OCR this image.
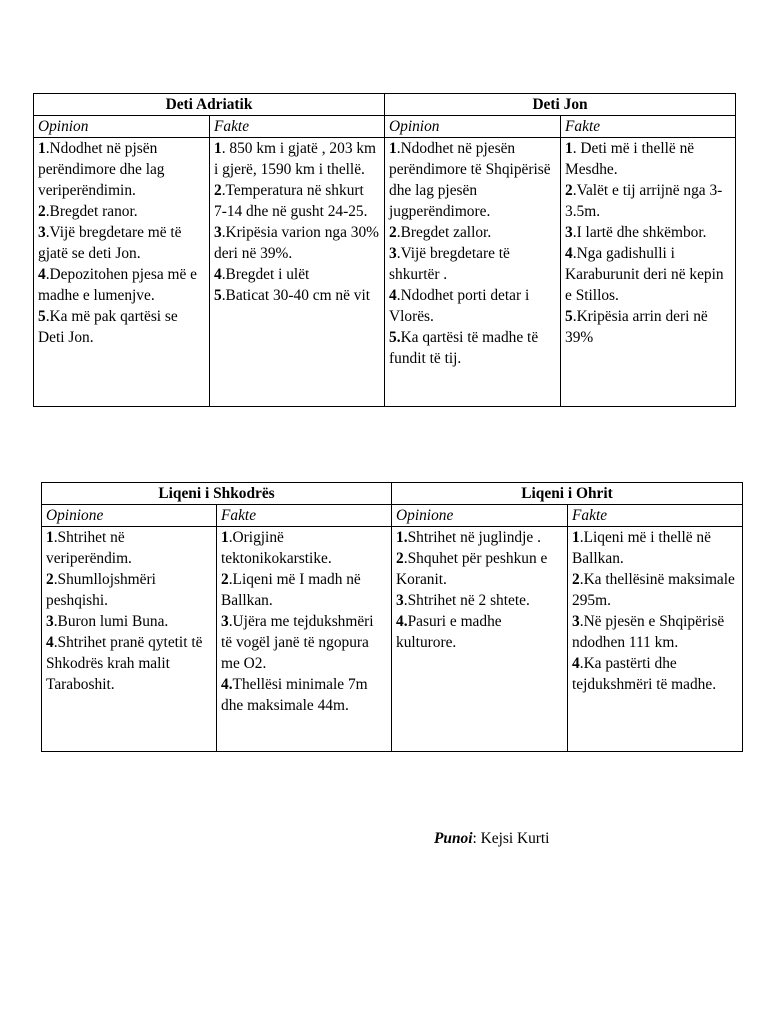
Deti Adriatik		Deti Jon	
Opinion	Fakte	Opinion	Fakte

1.Ndodhet në pjsën perëndimore dhe lag veriperëndimin.
2.Bregdet ranor.
3.Vijë bregdetare më të gjatë se deti Jon.
4.Depozitohen pjesa më e madhe e lumenjve.
5.Ka më pak qartësi se Deti Jon.	1. 850 km i gjatë , 203 km i gjerë, 1590 km i thellë.
2.Temperatura në shkurt 7-14 dhe në gusht 24-25.
3.Kripësia varion nga 30% deri në 39%.
4.Bregdet i ulët
5.Baticat 30-40 cm në vit	1.Ndodhet në pjesën perëndimore të Shqipërisë dhe lag pjesën jugperëndimore.
2.Bregdet zallor.
3.Vijë bregdetare të shkurtër .
4.Ndodhet porti detar i Vlorës.
5.Ka qartësi të madhe të fundit të tij.	1. Deti më i thellë në Mesdhe.
2.Valët e tij arrijnë nga 3-3.5m.
3.I lartë dhe shkëmbor.
4.Nga gadishulli i Karaburunit deri në kepin e Stillos.
5.Kripësia arrin deri në 39%
Liqeni i Shkodrës		Liqeni i Ohrit	
Opinione	Fakte	Opinione	Fakte

1.Shtrihet në veriperëndim.
2.Shumllojshmëri peshqishi.
3.Buron lumi Buna.
4.Shtrihet pranë qytetit të Shkodrës krah malit Taraboshit.	1.Origjinë tektonikokarstike.
2.Liqeni më I madh në Ballkan.
3.Ujëra me tejdukshmëri të vogël janë të ngopura me O2.
4.Thellësi minimale 7m dhe maksimale 44m.	1.Shtrihet në juglindje .
2.Shquhet për peshkun e Koranit.
3.Shtrihet në 2 shtete.
4.Pasuri e madhe kulturore.	1.Liqeni më i thellë në Ballkan.
2.Ka thellësinë maksimale 295m.
3.Në pjesën e Shqipërisë ndodhen 111 km.
4.Ka pastërti dhe tejdukshmëri të madhe.
Punoi: Kejsi Kurti
